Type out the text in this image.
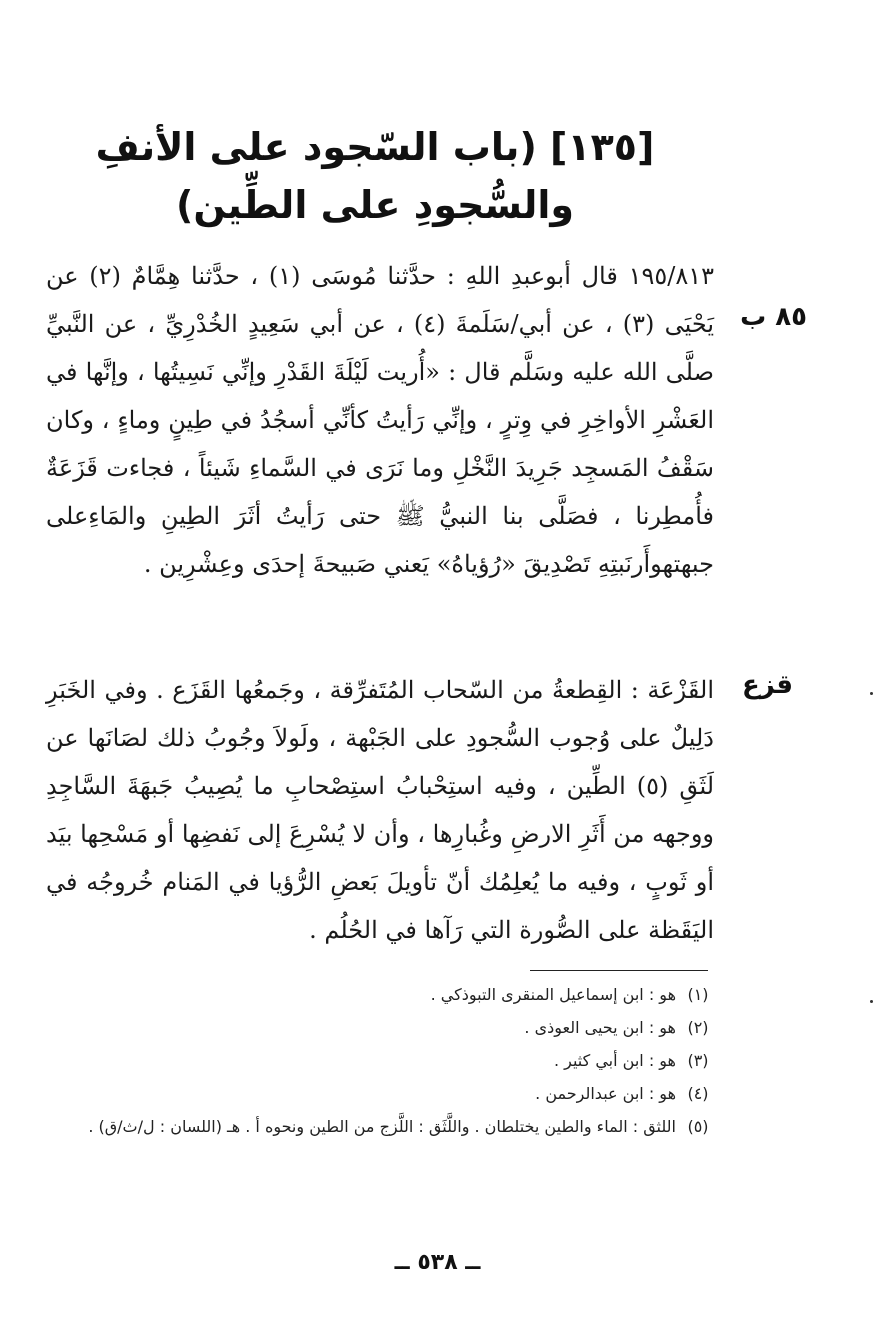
[١٣٥] (باب السّجود على الأنفِ والسُّجودِ على الطِّين)
٨٥ ب
قزع
١٩٥/٨١٣ قال أبوعبدِ اللهِ : حدَّثنا مُوسَى (١) ، حدَّثنا هِمَّامٌ (٢) عن يَحْيَى (٣) ، عن أبي/سَلَمةَ (٤) ، عن أبي سَعِيدٍ الخُدْرِيِّ ، عن النَّبيِّ صلَّى الله عليه وسَلَّم قال : «أُريت لَيْلَةَ القَدْرِ وإنِّي نَسِيتُها ، وإنَّها في العَشْرِ الأواخِرِ في وِترٍ ، وإنِّي رَأيتُ كأنِّي أسجُدُ في طِينٍ وماءٍ ، وكان سَقْفُ المَسجِد جَرِيدَ النَّخْلِ وما نَرَى في السَّماءِ شَيئاً ، فجاءت قَزَعَةٌ فأُمطِرنا ، فصَلَّى بنا النبيُّ ﷺ حتى رَأيتُ أثَرَ الطِينِ والمَاءِعلى جبهتهوأَرنَبتِهِ تَصْدِيقَ «رُؤياهُ» يَعني صَبيحةَ إحدَى وعِشْرِين .
القَزْعَة : القِطعةُ من السّحاب المُتَفرِّقة ، وجَمعُها القَزَع . وفي الخَبَرِ دَلِيلٌ على وُجوب السُّجودِ على الجَبْهة ، ولَولاَ وجُوبُ ذلك لصَانَها عن لَثَقِ (٥) الطِّين ، وفيه استِحْبابُ استِصْحابِ ما يُصِيبُ جَبهَةَ السَّاجِدِ ووجهه من أَثَرِ الارضِ وغُبارِها ، وأن لا يُسْرِعَ إلى نَفضِها أو مَسْحِها بيَد أو ثَوبٍ ، وفيه ما يُعلِمُك أنّ تأويلَ بَعضِ الرُّؤيا في المَنام خُروجُه في اليَقَظة على الصُّورة التي رَآها في الحُلُم .
(١)
هو : ابن إسماعيل المنقرى التبوذكي .
(٢)
هو : ابن يحيى العوذى .
(٣)
هو : ابن أبي كثير .
(٤)
هو : ابن عبدالرحمن .
(٥)
اللثق : الماء والطين يختلطان . واللَّثَق : اللَّزج من الطين ونحوه أ . هـ (اللسان : ل/ث/ق) .
ــ ٥٣٨ ــ
